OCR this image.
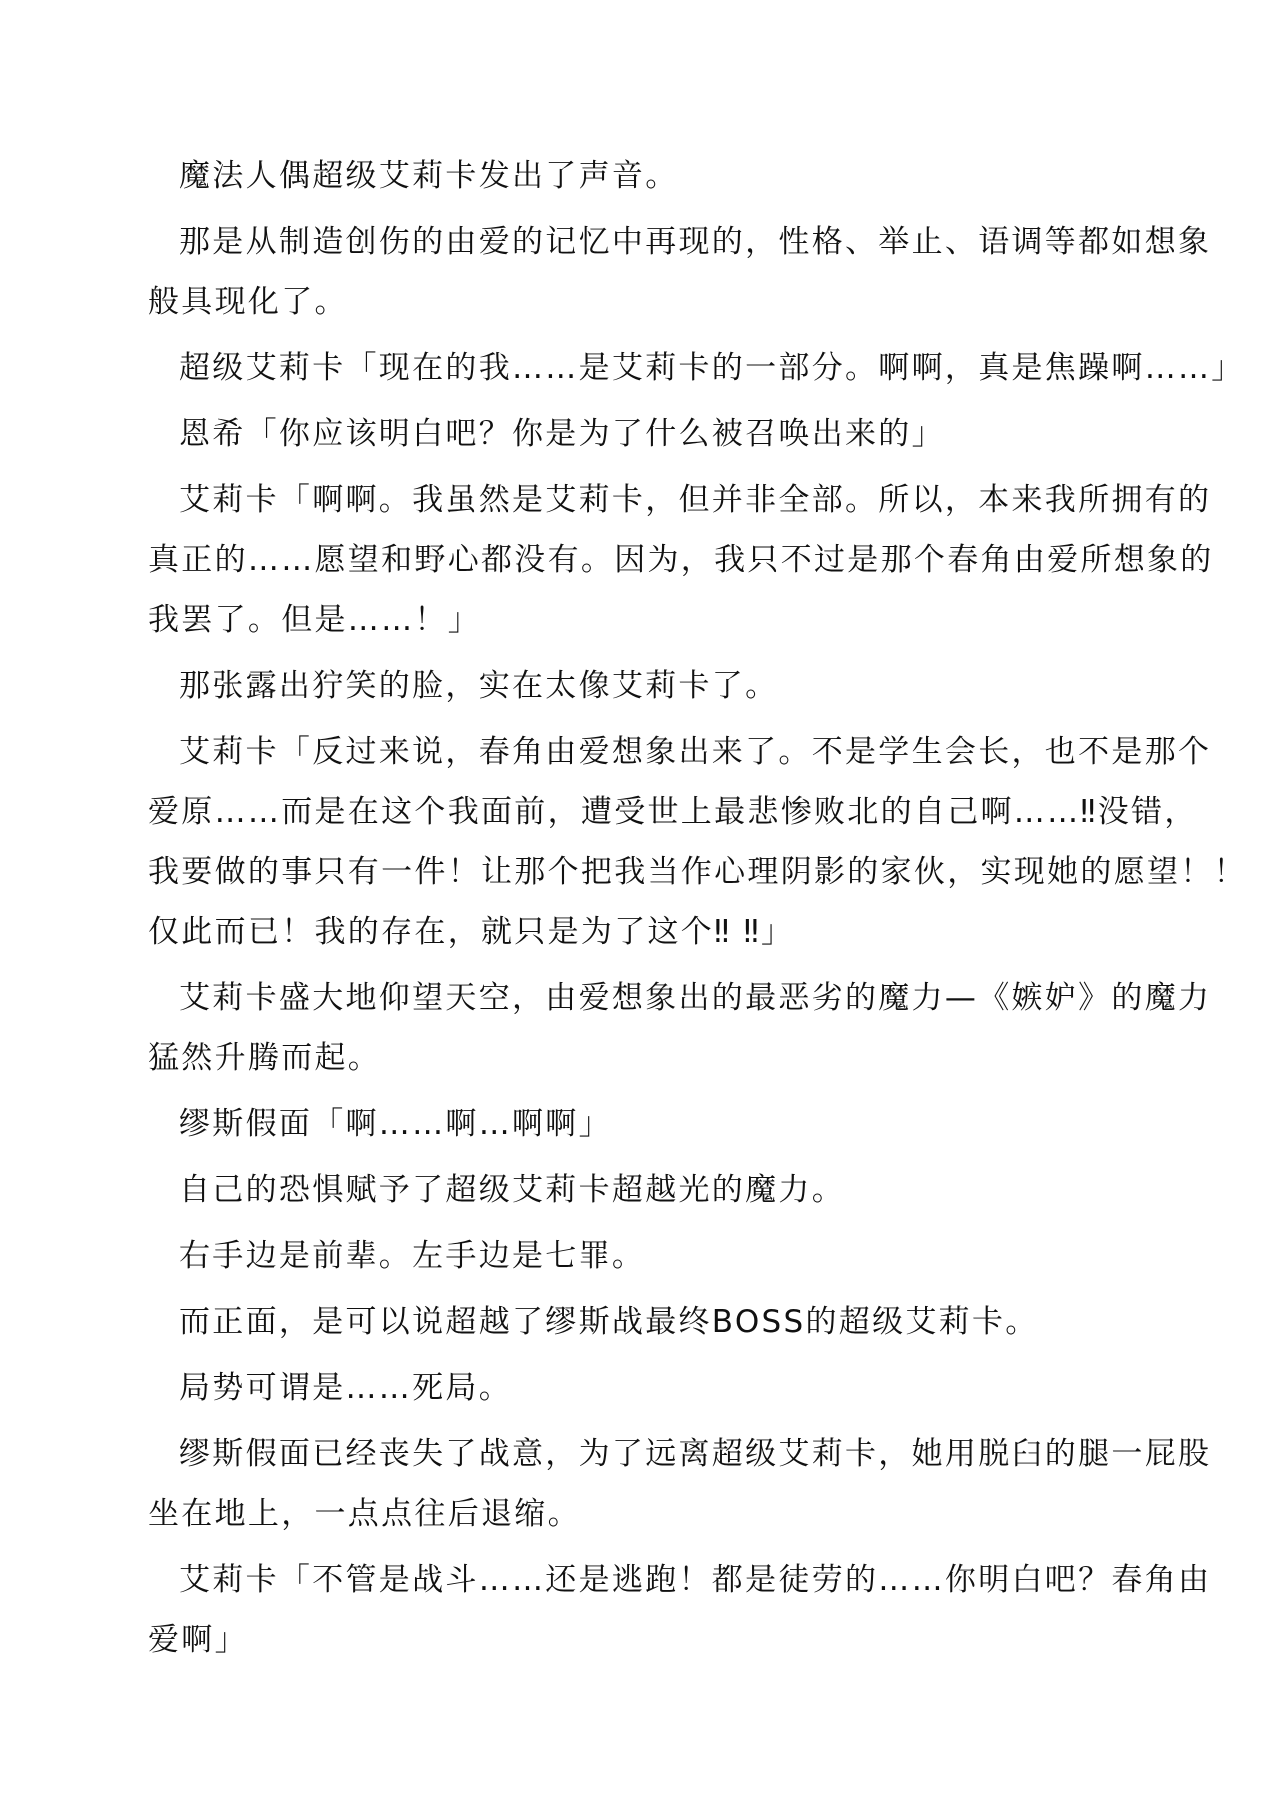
魔法人偶超级艾莉卡发出了声音。
那是从制造创伤的由爱的记忆中再现的，性格、举止、语调等都如想象
般具现化了。
超级艾莉卡「现在的我……是艾莉卡的一部分。啊啊，真是焦躁啊……」
恩希「你应该明白吧？你是为了什么被召唤出来的」
艾莉卡「啊啊。我虽然是艾莉卡，但并非全部。所以，本来我所拥有的
真正的……愿望和野心都没有。因为，我只不过是那个春角由爱所想象的
我罢了。但是……！」
那张露出狞笑的脸，实在太像艾莉卡了。
艾莉卡「反过来说，春角由爱想象出来了。不是学生会长，也不是那个
爱原……而是在这个我面前，遭受世上最悲惨败北的自己啊……‼没错，
我要做的事只有一件！让那个把我当作心理阴影的家伙，实现她的愿望！！
仅此而已！我的存在，就只是为了这个‼ ‼」
艾莉卡盛大地仰望天空，由爱想象出的最恶劣的魔力—《嫉妒》的魔力
猛然升腾而起。
缪斯假面「啊……啊…啊啊」
自己的恐惧赋予了超级艾莉卡超越光的魔力。
右手边是前辈。左手边是七罪。
而正面，是可以说超越了缪斯战最终BOSS的超级艾莉卡。
局势可谓是……死局。
缪斯假面已经丧失了战意，为了远离超级艾莉卡，她用脱臼的腿一屁股
坐在地上，一点点往后退缩。
艾莉卡「不管是战斗……还是逃跑！都是徒劳的……你明白吧？春角由
爱啊」
